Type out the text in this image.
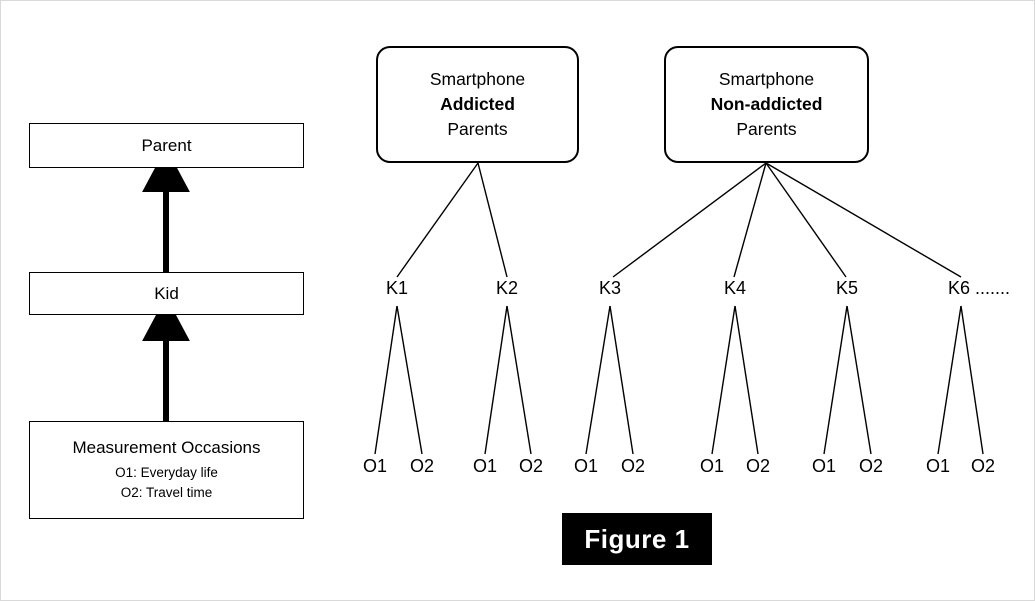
Parent
Kid
Measurement Occasions
O1: Everyday life
O2: Travel time
Smartphone
Addicted
Parents
Smartphone
Non-addicted
Parents
K1	K2	K3	K4	K5	K6 .......
O1 O2 O1 O2 O1 O2	O1 O2 O1 O2 O1 O2
Figure 1
